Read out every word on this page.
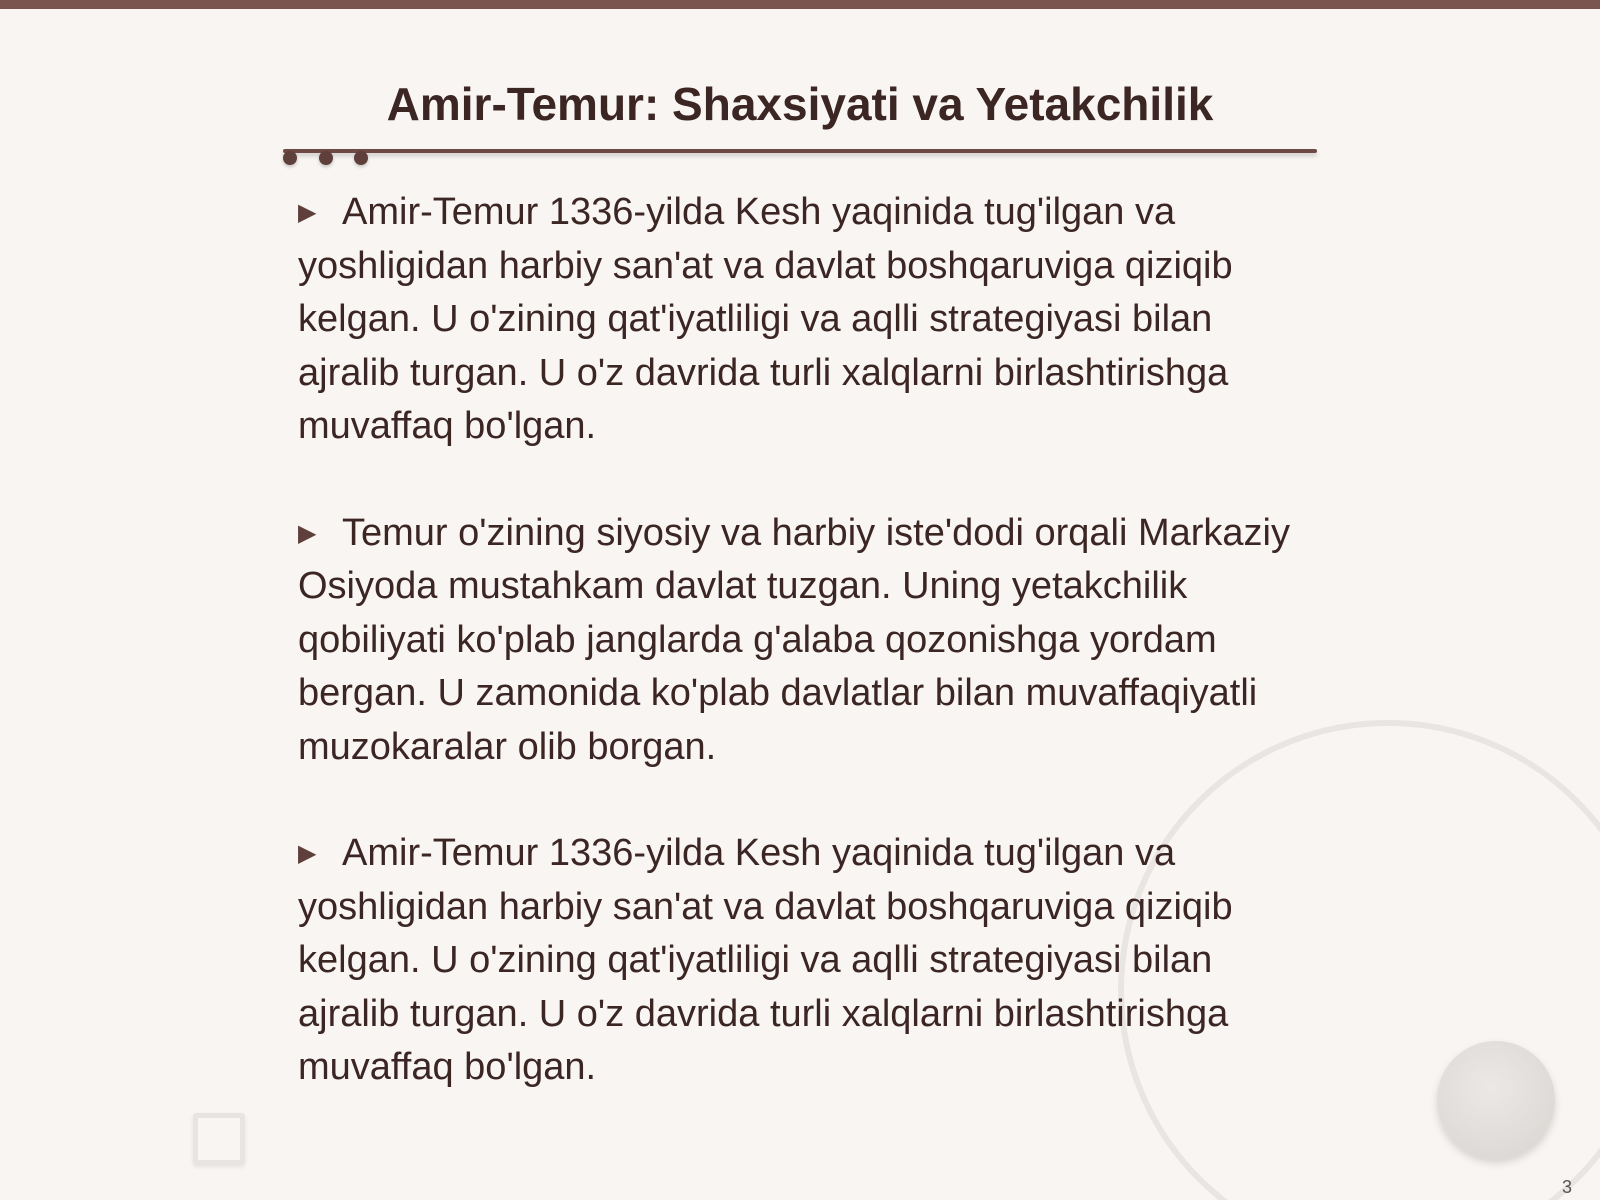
Amir-Temur: Shaxsiyati va Yetakchilik

▶ Amir-Temur 1336-yilda Kesh yaqinida tug'ilgan va yoshligidan harbiy san'at va davlat boshqaruviga qiziqib kelgan. U o'zining qat'iyatliligi va aqlli strategiyasi bilan ajralib turgan. U o'z davrida turli xalqlarni birlashtirishga muvaffaq bo'lgan.

▶ Temur o'zining siyosiy va harbiy iste'dodi orqali Markaziy Osiyoda mustahkam davlat tuzgan. Uning yetakchilik qobiliyati ko'plab janglarda g'alaba qozonishga yordam bergan. U zamonida ko'plab davlatlar bilan muvaffaqiyatli muzokaralar olib borgan.

▶ Amir-Temur 1336-yilda Kesh yaqinida tug'ilgan va yoshligidan harbiy san'at va davlat boshqaruviga qiziqib kelgan. U o'zining qat'iyatliligi va aqlli strategiyasi bilan ajralib turgan. U o'z davrida turli xalqlarni birlashtirishga muvaffaq bo'lgan.

3
